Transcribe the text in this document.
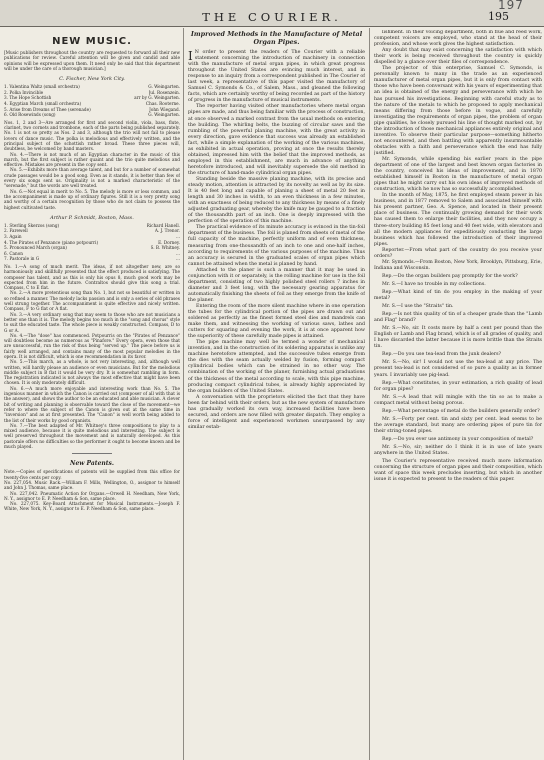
197
THE COURIER.	195
NEW MUSIC.

[Music publishers throughout the country are requested to forward all their new publications for review. Careful attention will be given and candid and able opinions will be expressed upon them. It need only be said that this department will be under the care of a thorough musician.]

C. Fischer, New York City.
1. Valentina Waltz (small orchestra)	G. Weingarten.
2. Polka Invincible	Jul. Rosenzein.
3. The Hope Schottish	arr by G. Weingarten.
4. Egyptian March (small orchestra)	Chas. Rooterne.
5. Arise from Dreams of Thee (serenade)	John Wiegand.
6. Old Rosewinds (song)	G. Weingarten.

Nos. 1, 2 and 3—Are arranged for first and second violin, viola, bass, flute, clarinet, two cornets and trombone, each of the parts being published separately. No. 1 is not so pretty as Nos. 2 and 3, although the trio will not fail to please lovers of dance music. The polka is melodious and effectively written, and the principal subject of the schottish rather broad. These three pieces will, doubtless, be welcomed by band masters.

No. 4.—There is not much of an Egyptian character in the music of this march, but the first subject is rather quaint and the trio quite melodious and effective. Mistakes are present in the copy sent.

No. 5.—Exhibits more than average talent, and but for a number of somewhat crude passages would be a good song. Even as it stands, it is better than few of every six songs sent us. Originality is not a marked characteristic of the "serenade," but the words are well treated.

No. 6.—Not equal in merit to No. 5. The melody is more or less common, and the accompaniment is made up of ordinary figures. Still it is a very pretty song and worthy of a certain recognition by those who do not claim to possess the highest cultivated taste.

Arthur P. Schmidt, Boston, Mass.
1. Sterling Skerzos (song)	Richard Hanell.
2. Farewell	A. J. Trenor.
3. Again	…
4. The Pirates of Penzance (piano potpourri)	E. Dorney.
5. Pronounced March (organ)	S. B. Whitney.
6. Canon	…
7. Pastorale in G	…

No. 1.—A song of much merit. The ideas, if not altogether new, are so harmoniously and skillfully presented that the effect produced is satisfying. The composer has talent, and as this is only his opus 8, much good work may be expected from him in the future. Contraltos should give this song a trial. Compass, C to E flat.

No. 2.—A more pretentious song than No. 1, but not so beautiful or written in so refined a manner. The melody lacks passion and is only a series of old phrases well strung together. The accompaniment is quite effective and nicely written. Compass, F to G flat or A flat.

No. 3.—A very ordinary song that may seem to those who are not musicians a better one than it is. The melody begins too much in the "song and chorus" style to suit the educated taste. The whole piece is weakly constructed. Compass, D to G or A.

No. 4.—The "dose" has commenced. Potpourris on the "Pirates of Penzance" will doubtless become as numerous as "Pinafore." Every opera, even those that are unsuccessful, run the risk of thus being "served up." The piece before us is fairly well arranged, and contains many of the most popular melodies in the opera. It is not difficult, which is one recommendation in its favor.

No. 5.—This march, as a whole, is not very interesting, and, although well written, will hardly please an audience or even musicians. But for the melodious middle subject in B flat it would be very dry. It is somewhat rambling in form. The registration indicated is not always the most effective that might have been chosen. It is only moderately difficult.

No. 6.—A much more enjoyable and interesting work than No. 5. The ingenious manner in which the Canon is carried out (composer of all with that is the answer), and shows the author to be an educated and able musician. A clever bit of writing and planning is observable toward the close of the movement—we refer to where the subject of the Canon is given out at the same time in "inversion" and as at first presented. The "Canon" is well worth being added to the list of their works by good organists.

No. 7.—The best adapted of Mr. Whitney's three compositions to play to a mixed audience, because it is quite melodious and interesting. The subject is well preserved throughout the movement and is naturally developed. As this pastorale offers no difficulties so the performer it ought to become known and be much played.

New Patents.

Note.—Copies of specifications of patents will be supplied from this office for twenty-five cents per copy.

No. 227,054. Music Rack.—William F. Mills, Wellington, O., assignor to himself and John J. Thomas, same place.

No. 227,042. Pneumatic Action for Organs.—Orwell H. Needham, New York, N. Y., assignor to E. P. Needham & Son, same place.

No. 227,075. Key-Board Attachment for Musical Instruments.—Joseph F. White, New York, N. Y., assignor to E. P. Needham & Son, same place.

Improved Methods in the Manufacture of Metal Organ Pipes.

I N order to present the readers of The Courier with a reliable statement concerning the introduction of machinery in connection with the manufacture of metal organ pipes, in which great progress throughout the United States are evincing much interest, and in response to an inquiry from a correspondent published in The Courier of last week, a representative of this paper visited the manufactory of Samuel C. Symonds & Co., of Salem, Mass., and gleaned the following facts, which are certainly worthy of being recorded as part of the history of progress in the manufacture of musical instruments.

The reporter having visited other manufactories where metal organ pipes are made, and thus being familiar with the process of construction, at once observed a marked contrast from the usual methods on entering the building. The whirling belts, the buzzing of circular saws and the rumbling of the powerful planing machine, with the great activity in every direction, gave evidence that success was already an established fact, while a simple explanation of the working of the various machines, as exhibited in actual operation, proving at once the results thereby obtained, impressed him with the belief that the improved methods, as employed in this establishment, are much in advance of anything heretofore introduced, and will inevitably supersede the old method in the structure of hand-made cylindrical organ pipes.

Standing beside the massive planing machine, with its precise and steady motion, attention is attracted by its novelty as well as by its size. It is 40 feet long and capable of planing a sheet of metal 20 feet in length and 30 inches in width, to an even thickness in a few minutes, with an exactness of being reduced to any thickness by means of a finely adjusted graduating gear, whereby the knife may be gauged to a fraction of the thousandth part of an inch. One is deeply impressed with the perfection of the operation of this machine.

The practical evidence of its minute accuracy is evinced in the tin-foil department of the business. The foil is planed from sheets of metal of the full capacity of the machine, perfectly uniform and of even thickness, measuring from one-thousandth of an inch to one and one-half inches, according to requirements of the various purposes of the machine. Thus an accuracy is secured in the graduated scales of organ pipes which cannot be attained when the metal is planed by hand.

Attached to the planer is such a manner that it may be used in conjunction with it or separately, is the rolling machine for use in the foil department, consisting of two highly polished steel rollers 7 inches in diameter and 3 feet long, with the necessary gearing apparatus for automatically finishing the sheets of foil as they emerge from the knife of the planer.

Entering the room of the more silent machine where in one operation the tubes for the cylindrical portion of the pipes are drawn out and soldered as perfectly as the finest formed steel dies and mandrels can make them, and witnessing the working of various saws, lathes and cutters for squaring and evening the work, it is at once apparent how the superiority of these carefully made pipes is attained.

The pipe machine may well be termed a wonder of mechanical invention, and in the construction of its soldering apparatus is unlike any machine heretofore attempted, and the successive tubes emerge from the dies with the seam actually welded by fusion, forming compact cylindrical bodies which can be strained in no other way. The combination of the working of the planer, furnishing actual graduations of the thickness of the metal according to scale, with this pipe machine, producing compact cylindrical tubes, is already highly appreciated by the organ builders of the United States.

A conversation with the proprietors elicited the fact that they have been far behind with their orders, but as the new system of manufacture has gradually worked its own way, increased facilities have been secured, and orders are now filled with greater dispatch. They employ a force of intelligent and experienced workmen unsurpassed by any similar estab-

lishment. In their voicing department, both in flue and reed work, competent voicers are employed, who stand at the head of their profession, and whose work gives the highest satisfaction.

Any doubt that may exist concerning the satisfaction with which their work is being received throughout the country is quickly dispelled by a glance over their files of correspondence.

The projector of this enterprise, Samuel C. Symonds, is personally known to many in the trade as an experienced manufacturer of metal organ pipes, but it is only from contact with those who have been conversant with his years of experimenting that an idea is obtained of the energy and perseverance with which he has pursued his investigations. Beginning with careful study as to the nature of the metals to which he proposed to apply mechanical means differing from those before in vogue, and carefully investigating the requirements of organ pipes, the problem of organ pipe qualities, he closely pursued his line of thought marked out, by the introduction of those mechanical appliances entirely original and inventive. To observe their particular purpose—something hitherto not encountered, and then battling with apparently insurmountable obstacles with a faith and perseverance which the end has fully justified.

Mr. Symonds, while spending his earlier years in the pipe department of one of the largest and best known organ factories in the country, conceived his ideas of improvement, and in 1870 established himself in Boston in the manufacture of metal organ pipes that he might carry out his own ideas of improved methods of construction, which he now has so successfully accomplished.

In the month of May, 1875, he first employed steam power in his business, and in 1877 removed to Salem and associated himself with his present partner, Geo. A. Spence, and located in their present place of business. The continually growing demand for their work has caused them to enlarge their facilities, and they now occupy a three-story building 85 feet long and 40 feet wide, with elevators and all the modern appliances for expeditiously conducting the large business which has followed the introduction of their improved pipes.

Reporter.—From what part of the country do you receive your orders?

Mr. Symonds.—From Boston, New York, Brooklyn, Pittsburg, Erie, Indiana and Wisconsin.

Rep.—Do the organ builders pay promptly for the work?

Mr. S.—I have no trouble in my collections.

Rep.—What kind of tin do you employ in the making of your metal?

Mr. S.—I use the "Straits" tin.

Rep.—Is not this quality of tin of a cheaper grade than the "Lamb and Flag" brand?

Mr. S.—No, sir. It costs more by half a cent per pound than the English or Lamb and Flag brand, which is of all grades of quality, and I have discarded the latter because it is more brittle than the Straits tin.

Rep.—Do you use tea-lead from the junk dealers?

Mr. S.—No, sir! I would not use the tea-lead at any price. The present tea-lead is not considered of so pure a quality as in former years. I invariably use pig-lead.

Rep.—What constitutes, in your estimation, a rich quality of lead for organ pipes?

Mr. S.—A lead that will mingle with the tin so as to make a compact metal without being porous.

Rep.—What percentage of metal do the builders generally order?

Mr. S.—Forty per cent. tin and sixty per cent. lead seems to be the average standard, but many are ordering pipes of pure tin for their string-toned pipes.

Rep.—Do you ever use antimony in your composition of metal?

Mr. S.—No, sir; neither do I think it is in use of late years anywhere in the United States.

The Courier's representative received much more information concerning the structure of organ pipes and their composition, which want of space this week precludes inserting, but which in another issue it is expected to present to the readers of this paper.
